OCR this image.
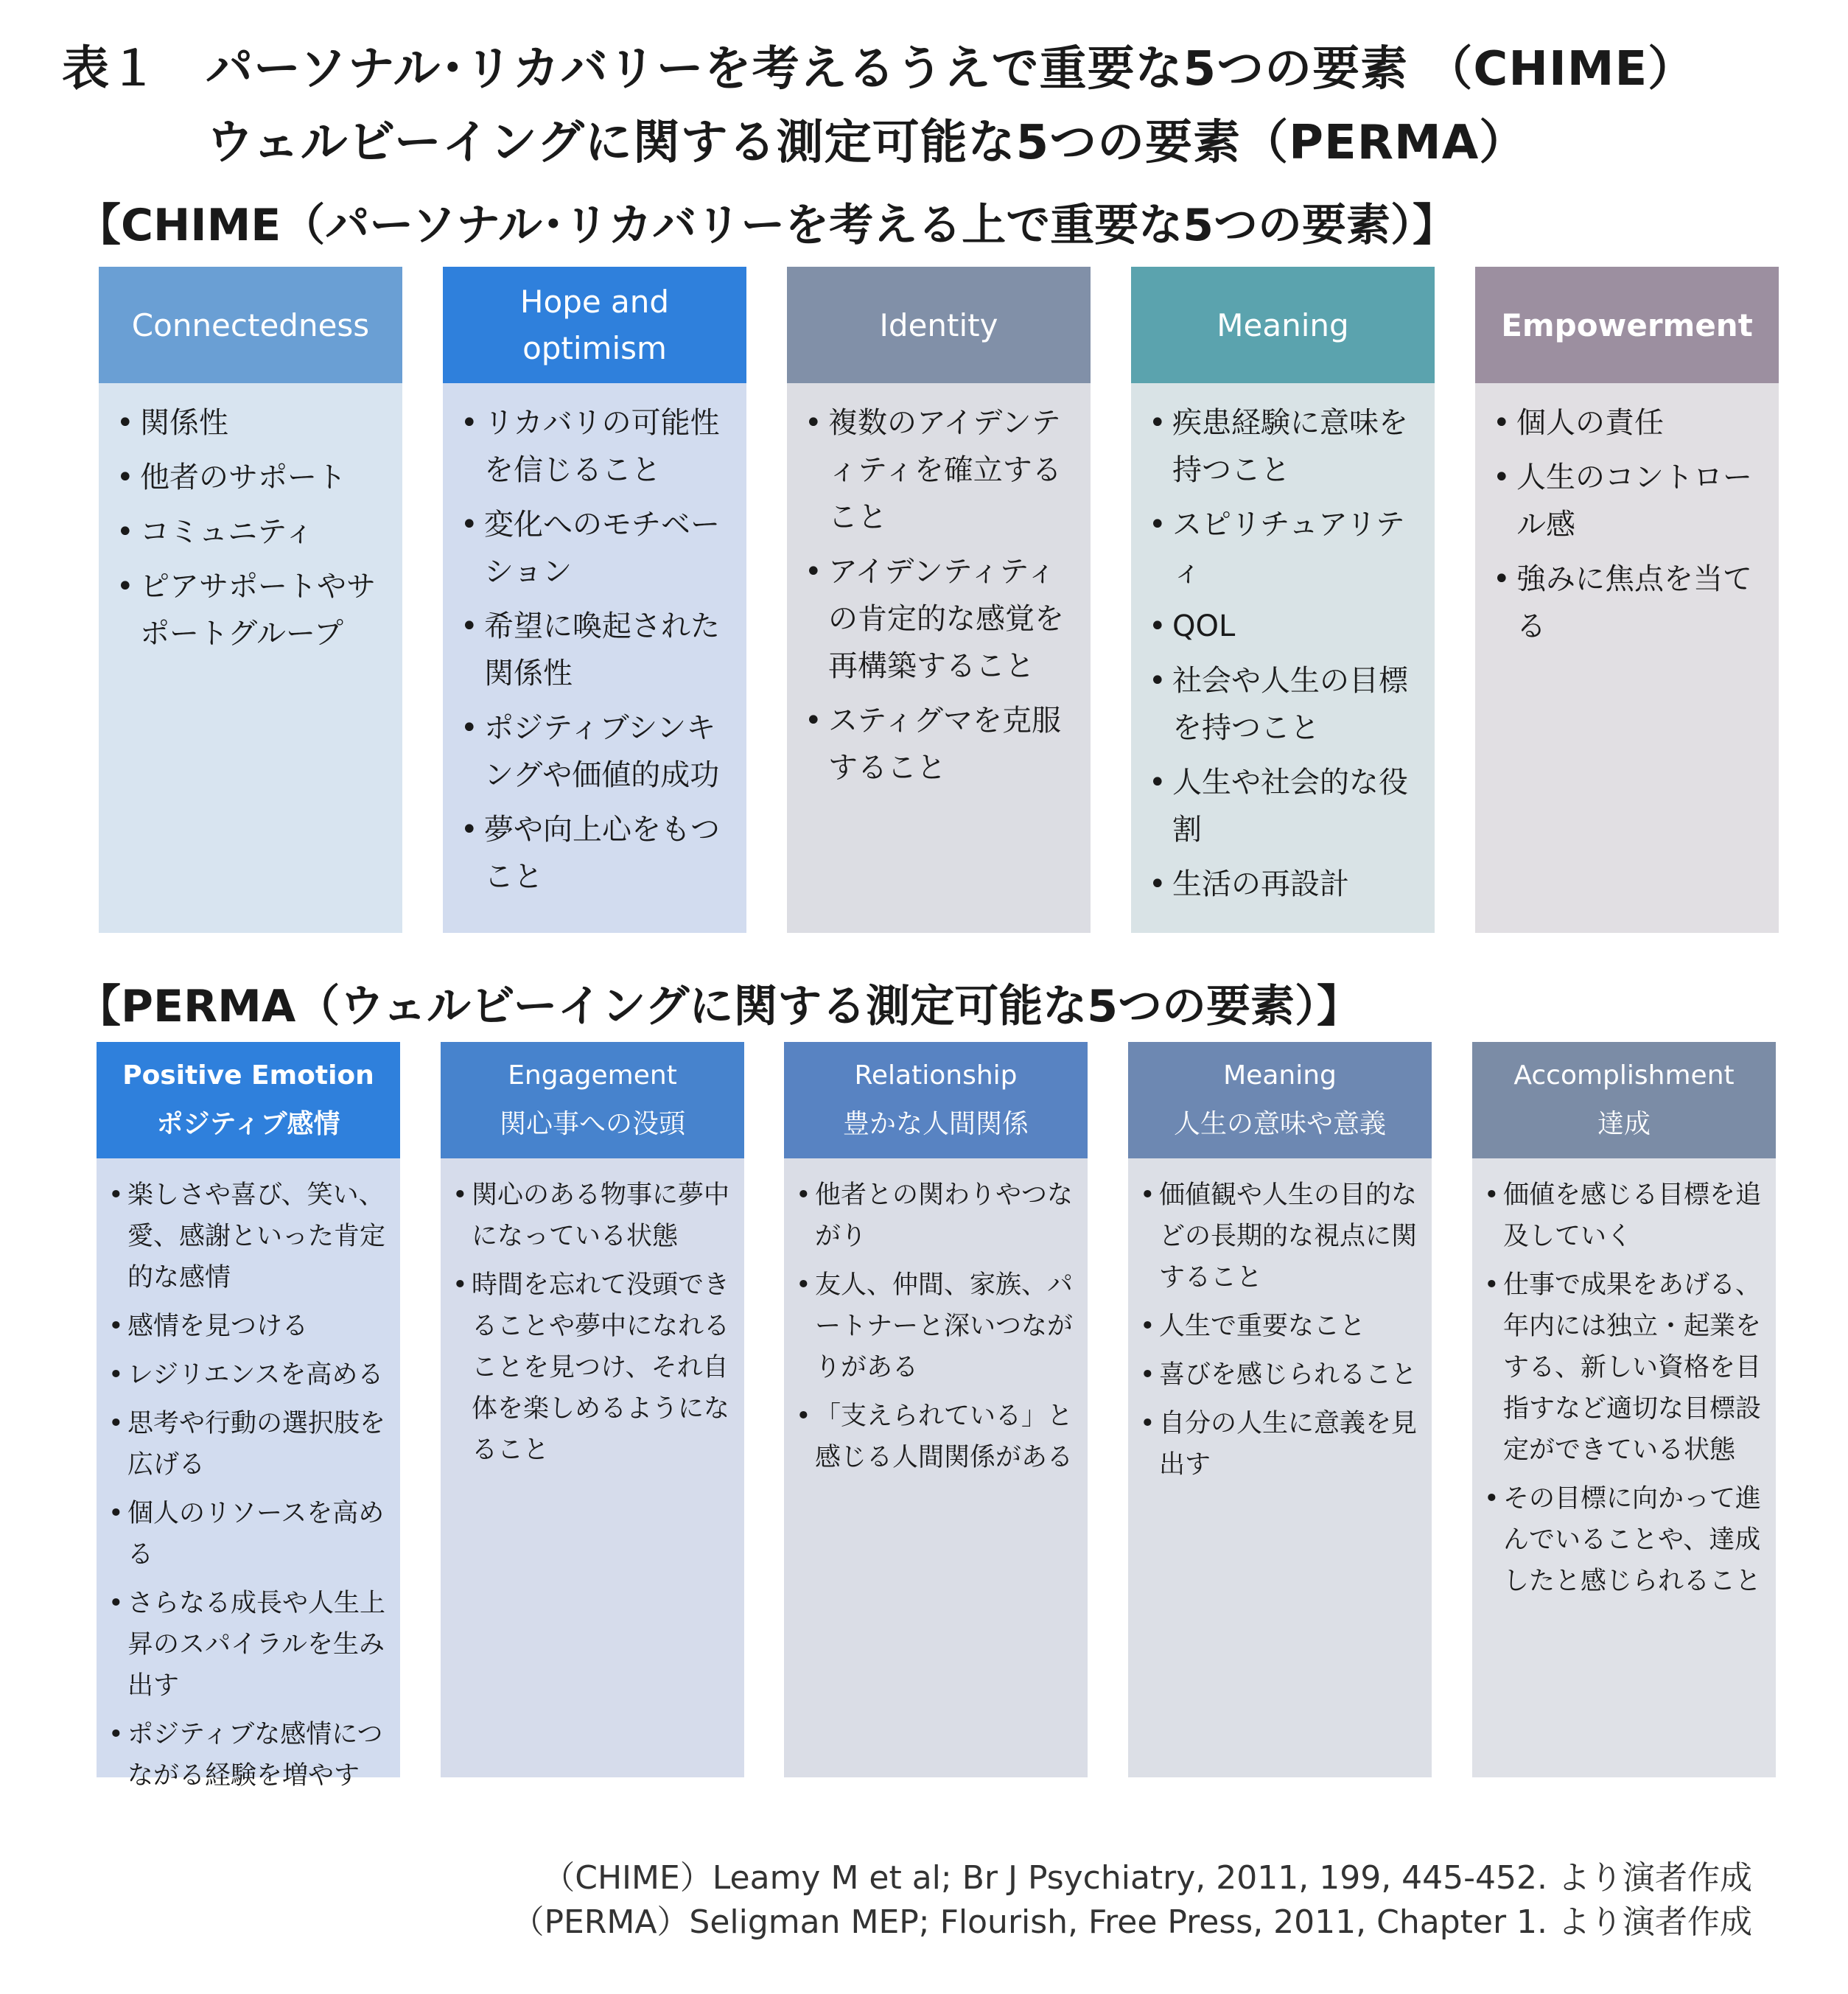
表１　パーソナル･リカバリーを考えるうえで重要な5つの要素 （CHIME）
ウェルビーイングに関する測定可能な5つの要素（PERMA）
【CHIME（パーソナル･リカバリーを考える上で重要な5つの要素）】
Connectedness
• 関係性
• 他者のサポート
• コミュニティ
• ピアサポートやサポートグループ
Hope and
optimism
• リカバリの可能性を信じること
• 変化へのモチベーション
• 希望に喚起された関係性
• ポジティブシンキングや価値的成功
• 夢や向上心をもつこと
Identity
• 複数のアイデンティティを確立すること
• アイデンティティの肯定的な感覚を再構築すること
• スティグマを克服すること
Meaning
• 疾患経験に意味を持つこと
• スピリチュアリティ
• QOL
• 社会や人生の目標を持つこと
• 人生や社会的な役割
• 生活の再設計
Empowerment
• 個人の責任
• 人生のコントロール感
• 強みに焦点を当てる
【PERMA（ウェルビーイングに関する測定可能な5つの要素）】
Positive Emotion
ポジティブ感情
• 楽しさや喜び、笑い、愛、感謝といった肯定的な感情
• 感情を見つける
• レジリエンスを高める
• 思考や行動の選択肢を広げる
• 個人のリソースを高める
• さらなる成長や人生上昇のスパイラルを生み出す
• ポジティブな感情につながる経験を増やす
Engagement
関心事への没頭
• 関心のある物事に夢中になっている状態
• 時間を忘れて没頭できることや夢中になれることを見つけ、それ自体を楽しめるようになること
Relationship
豊かな人間関係
• 他者との関わりやつながり
• 友人、仲間、家族、パートナーと深いつながりがある
• 「支えられている」と感じる人間関係がある
Meaning
人生の意味や意義
• 価値観や人生の目的などの長期的な視点に関すること
• 人生で重要なこと
• 喜びを感じられること
• 自分の人生に意義を見出す
Accomplishment
達成
• 価値を感じる目標を追及していく
• 仕事で成果をあげる、年内には独立・起業をする、新しい資格を目指すなど適切な目標設定ができている状態
• その目標に向かって進んでいることや、達成したと感じられること
（CHIME）Leamy M et al; Br J Psychiatry, 2011, 199, 445-452. より演者作成
（PERMA）Seligman MEP; Flourish, Free Press, 2011, Chapter 1. より演者作成
